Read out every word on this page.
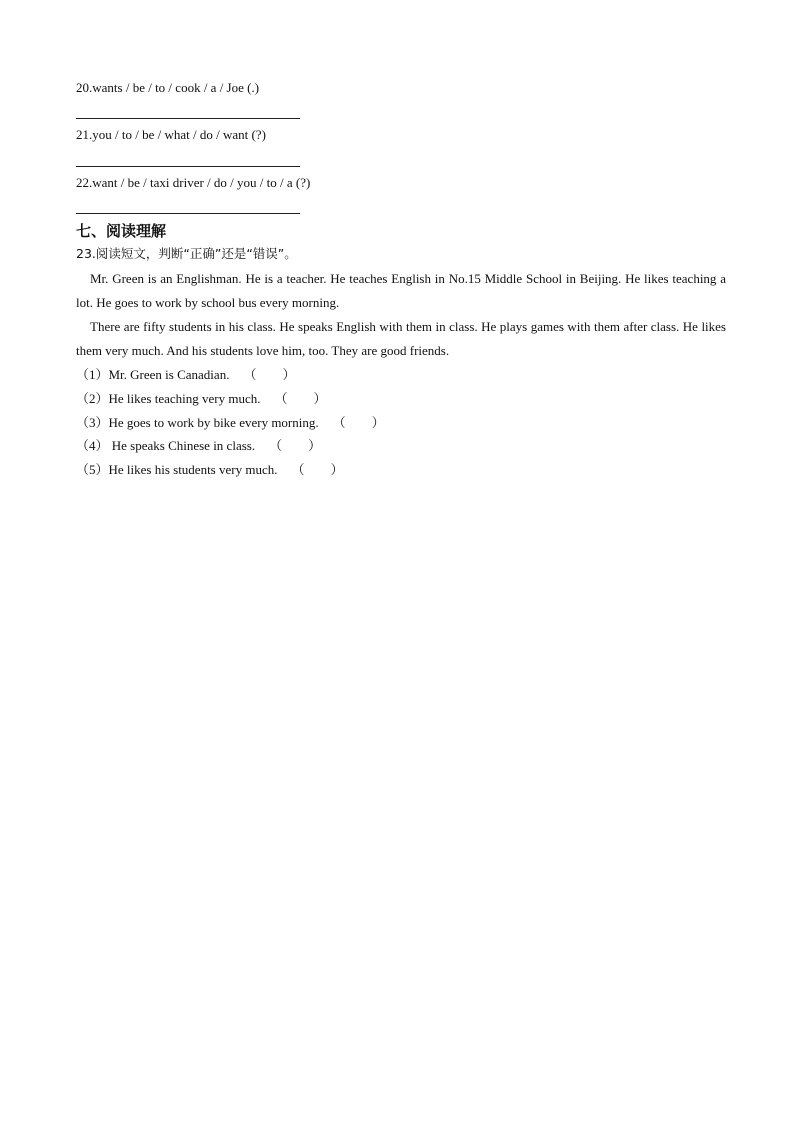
20.wants / be / to / cook / a / Joe (.)
21.you / to / be / what / do / want (?)
22.want / be / taxi driver / do / you / to / a (?)
七、阅读理解
23.阅读短文，判断“正确”还是“错误”。
Mr. Green is an Englishman. He is a teacher. He teaches English in No.15 Middle School in Beijing. He likes teaching a lot. He goes to work by school bus every morning.
There are fifty students in his class. He speaks English with them in class. He plays games with them after class. He likes them very much. And his students love him, too. They are good friends.
（1）Mr. Green is Canadian. （　　）
（2）He likes teaching very much. （　　）
（3）He goes to work by bike every morning. （　　）
（4） He speaks Chinese in class. （　　）
（5）He likes his students very much. （　　）
